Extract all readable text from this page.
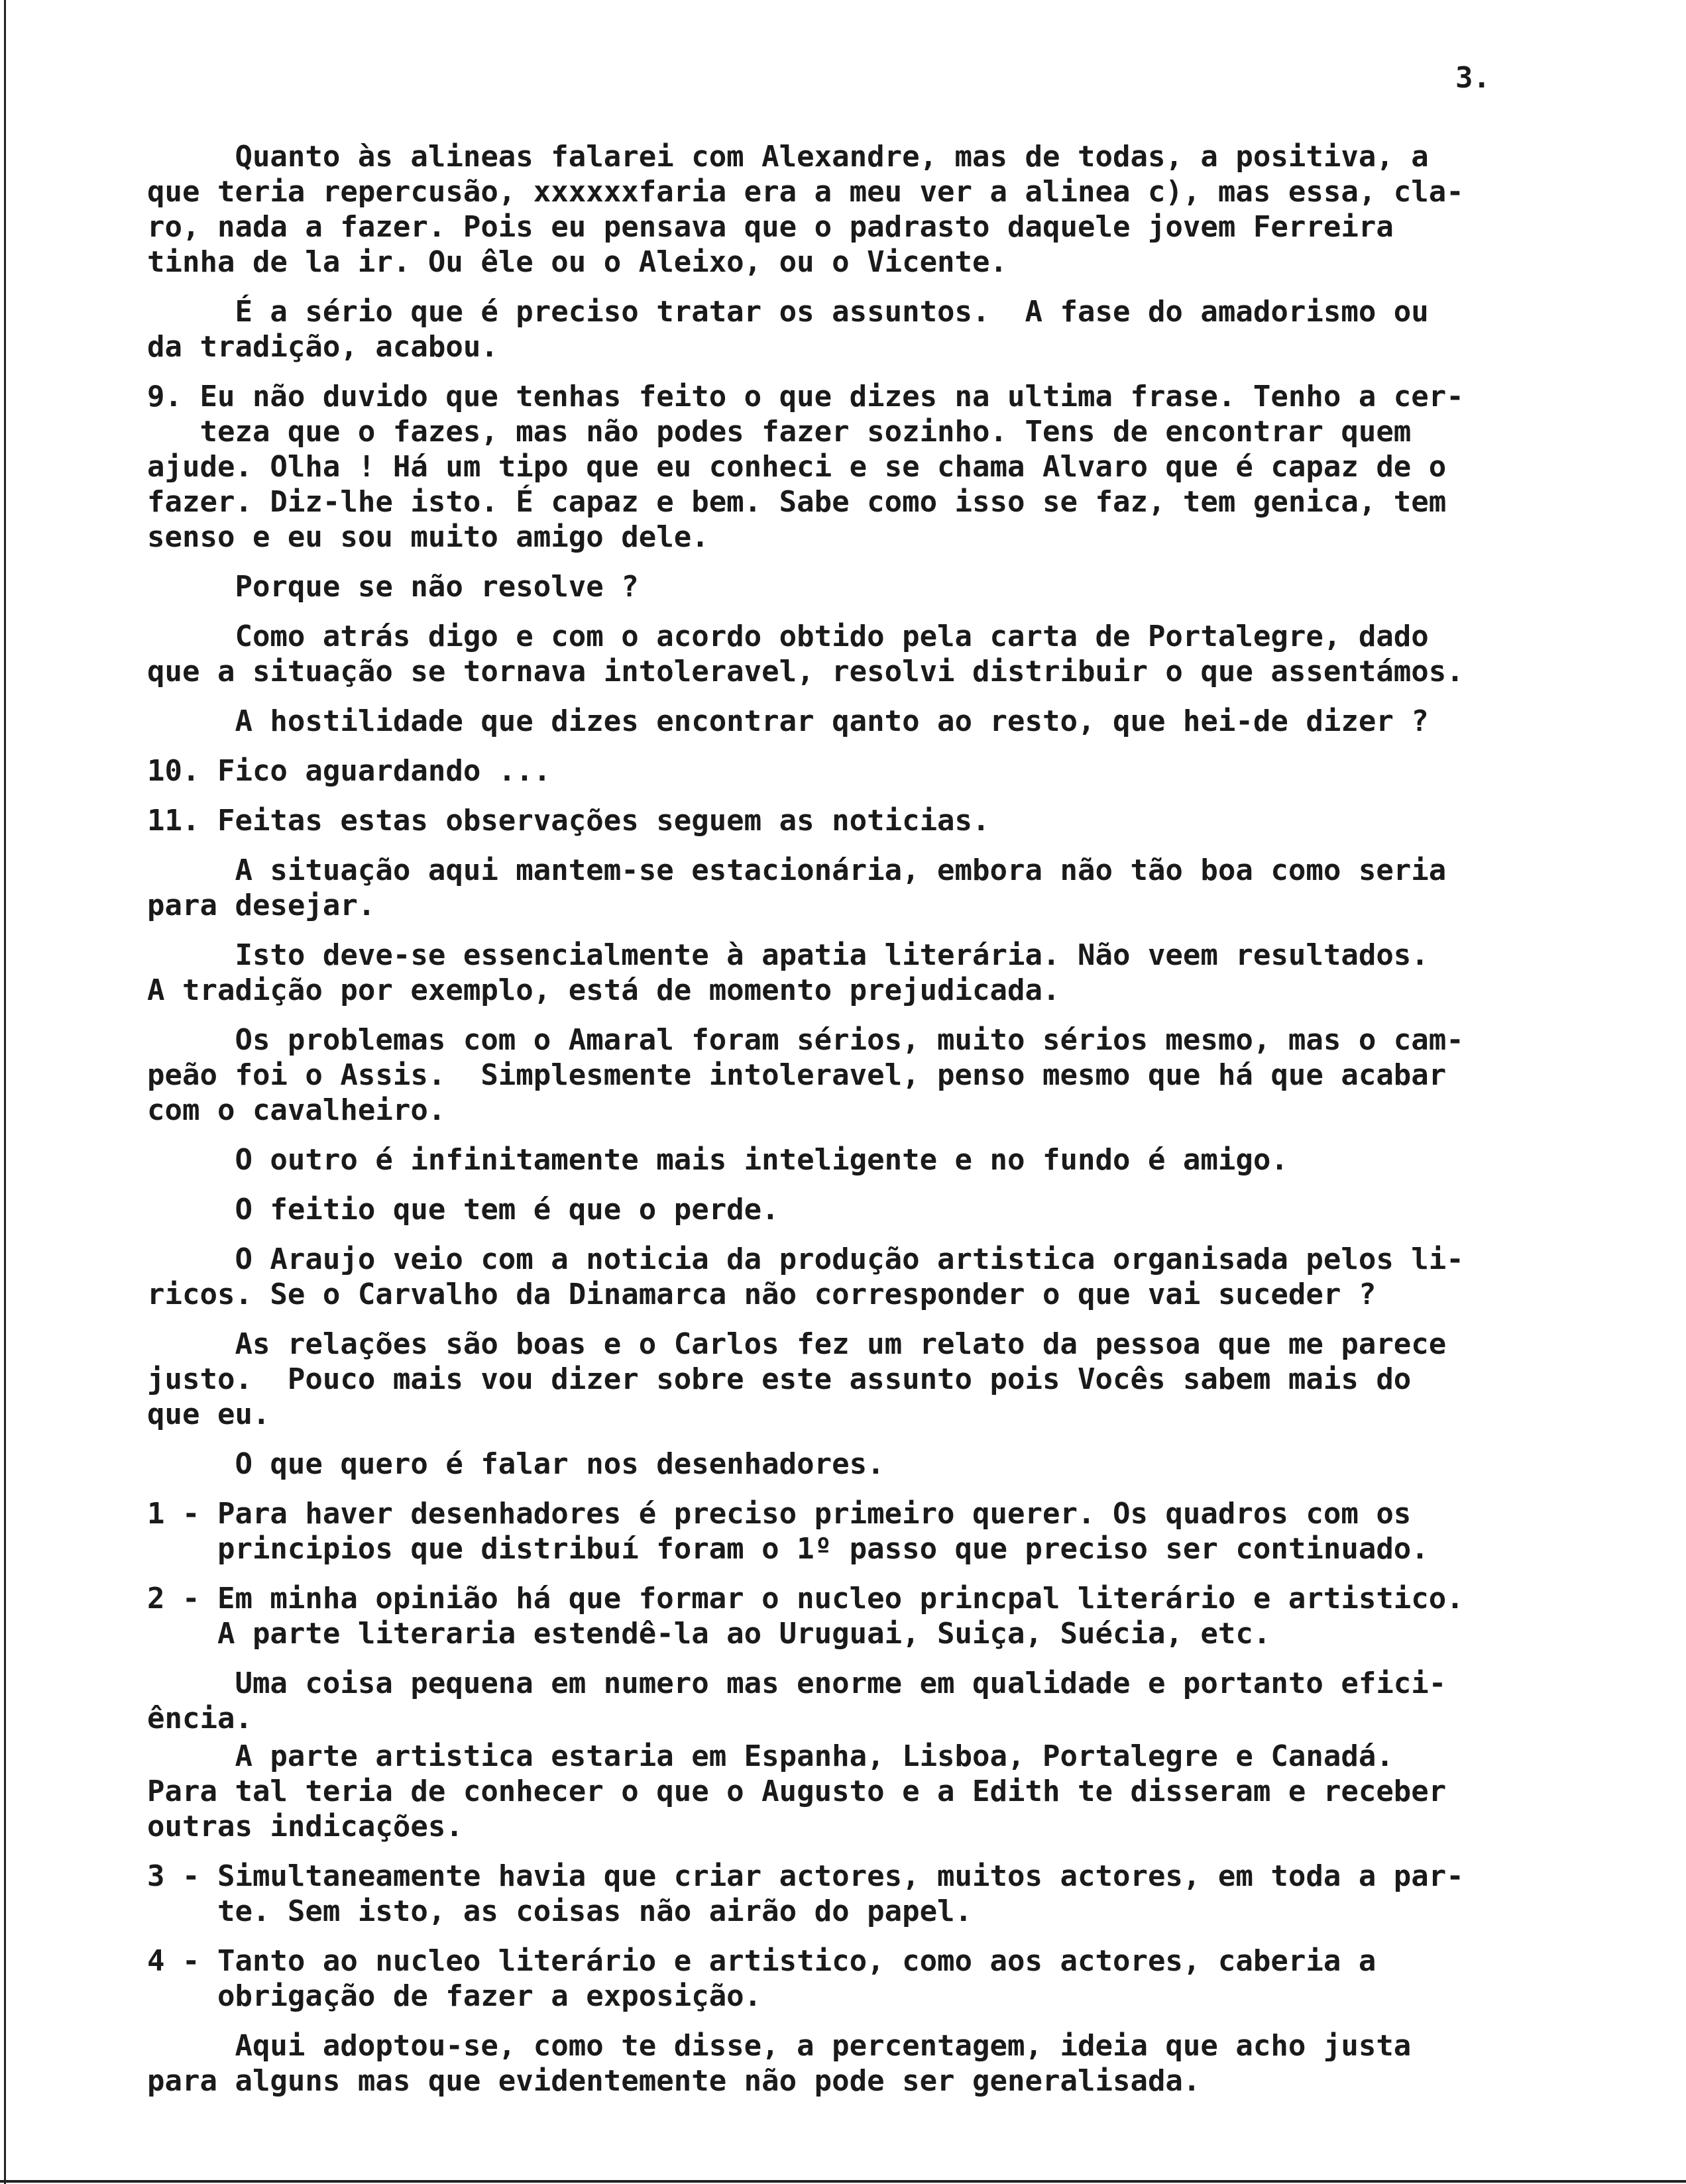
3.
Quanto às alineas falarei com Alexandre, mas de todas, a positiva, a
que teria repercusão, xxxxxxfaria era a meu ver a alinea c), mas essa, cla-
ro, nada a fazer. Pois eu pensava que o padrasto daquele jovem Ferreira
tinha de la ir. Ou êle ou o Aleixo, ou o Vicente.
É a sério que é preciso tratar os assuntos.  A fase do amadorismo ou
da tradição, acabou.
9. Eu não duvido que tenhas feito o que dizes na ultima frase. Tenho a cer-
teza que o fazes, mas não podes fazer sozinho. Tens de encontrar quem
ajude. Olha ! Há um tipo que eu conheci e se chama Alvaro que é capaz de o
fazer. Diz-lhe isto. É capaz e bem. Sabe como isso se faz, tem genica, tem
senso e eu sou muito amigo dele.
Porque se não resolve ?
Como atrás digo e com o acordo obtido pela carta de Portalegre, dado
que a situação se tornava intoleravel, resolvi distribuir o que assentámos.
A hostilidade que dizes encontrar qanto ao resto, que hei-de dizer ?
10. Fico aguardando ...
11. Feitas estas observações seguem as noticias.
A situação aqui mantem-se estacionária, embora não tão boa como seria
para desejar.
Isto deve-se essencialmente à apatia literária. Não veem resultados.
A tradição por exemplo, está de momento prejudicada.
Os problemas com o Amaral foram sérios, muito sérios mesmo, mas o cam-
peão foi o Assis.  Simplesmente intoleravel, penso mesmo que há que acabar
com o cavalheiro.
O outro é infinitamente mais inteligente e no fundo é amigo.
O feitio que tem é que o perde.
O Araujo veio com a noticia da produção artistica organisada pelos li-
ricos. Se o Carvalho da Dinamarca não corresponder o que vai suceder ?
As relações são boas e o Carlos fez um relato da pessoa que me parece
justo.  Pouco mais vou dizer sobre este assunto pois Vocês sabem mais do
que eu.
O que quero é falar nos desenhadores.
1 - Para haver desenhadores é preciso primeiro querer. Os quadros com os
principios que distribuí foram o 1º passo que preciso ser continuado.
2 - Em minha opinião há que formar o nucleo princpal literário e artistico.
A parte literaria estendê-la ao Uruguai, Suiça, Suécia, etc.
Uma coisa pequena em numero mas enorme em qualidade e portanto efici-
ência.
A parte artistica estaria em Espanha, Lisboa, Portalegre e Canadá.
Para tal teria de conhecer o que o Augusto e a Edith te disseram e receber
outras indicações.
3 - Simultaneamente havia que criar actores, muitos actores, em toda a par-
te. Sem isto, as coisas não airão do papel.
4 - Tanto ao nucleo literário e artistico, como aos actores, caberia a
obrigação de fazer a exposição.
Aqui adoptou-se, como te disse, a percentagem, ideia que acho justa
para alguns mas que evidentemente não pode ser generalisada.
